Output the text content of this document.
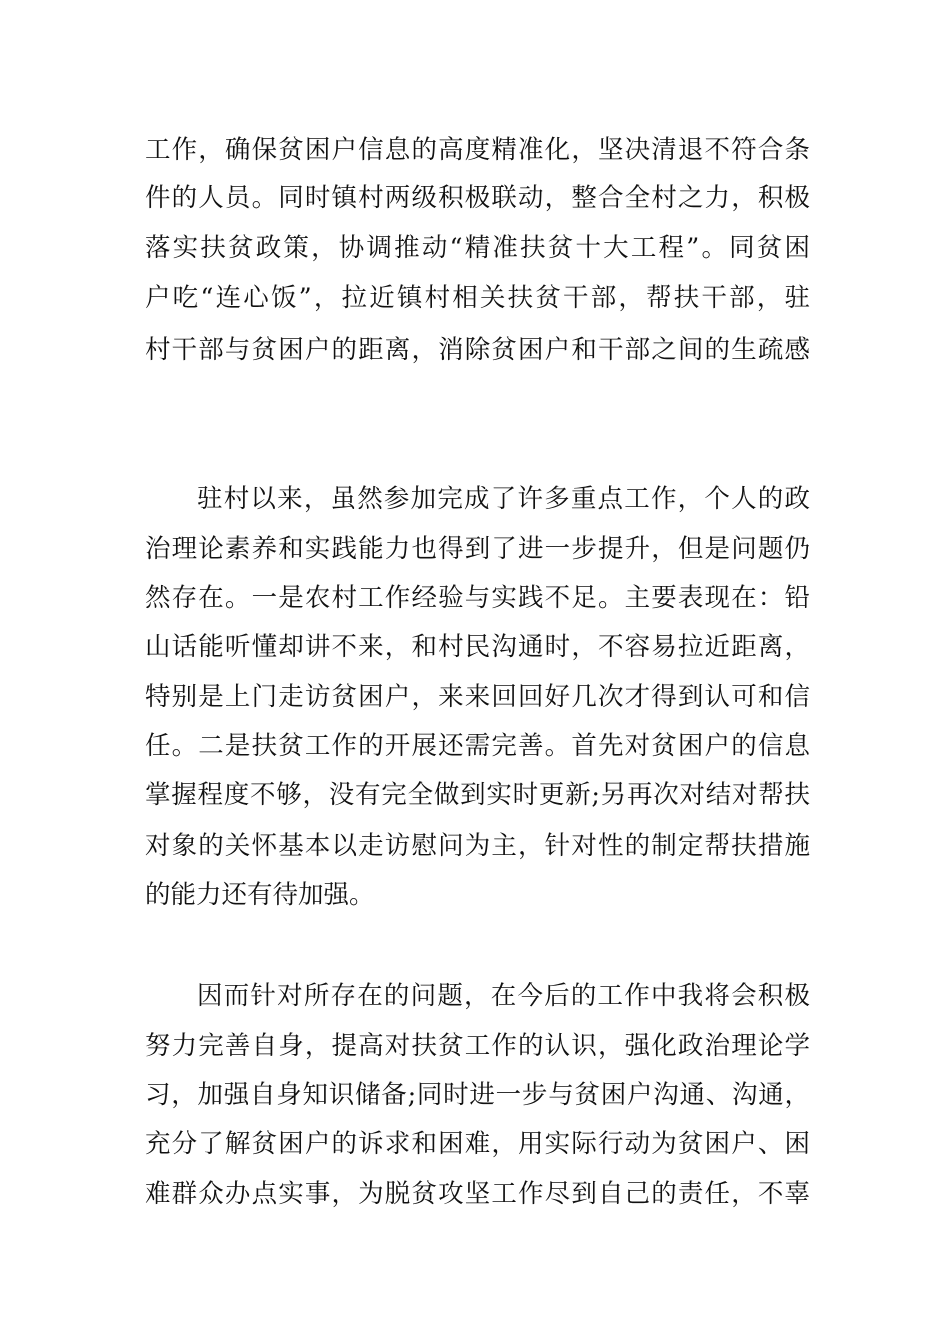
工作，确保贫困户信息的高度精准化，坚决清退不符合条
件的人员。同时镇村两级积极联动，整合全村之力，积极
落实扶贫政策，协调推动“精准扶贫十大工程”。同贫困
户吃“连心饭”，拉近镇村相关扶贫干部，帮扶干部，驻
村干部与贫困户的距离，消除贫困户和干部之间的生疏感
驻村以来，虽然参加完成了许多重点工作，个人的政
治理论素养和实践能力也得到了进一步提升，但是问题仍
然存在。一是农村工作经验与实践不足。主要表现在：铅
山话能听懂却讲不来，和村民沟通时，不容易拉近距离，
特别是上门走访贫困户，来来回回好几次才得到认可和信
任。二是扶贫工作的开展还需完善。首先对贫困户的信息
掌握程度不够，没有完全做到实时更新;另再次对结对帮扶
对象的关怀基本以走访慰问为主，针对性的制定帮扶措施
的能力还有待加强。
因而针对所存在的问题，在今后的工作中我将会积极
努力完善自身，提高对扶贫工作的认识，强化政治理论学
习，加强自身知识储备;同时进一步与贫困户沟通、沟通，
充分了解贫困户的诉求和困难，用实际行动为贫困户、困
难群众办点实事，为脱贫攻坚工作尽到自己的责任，不辜
